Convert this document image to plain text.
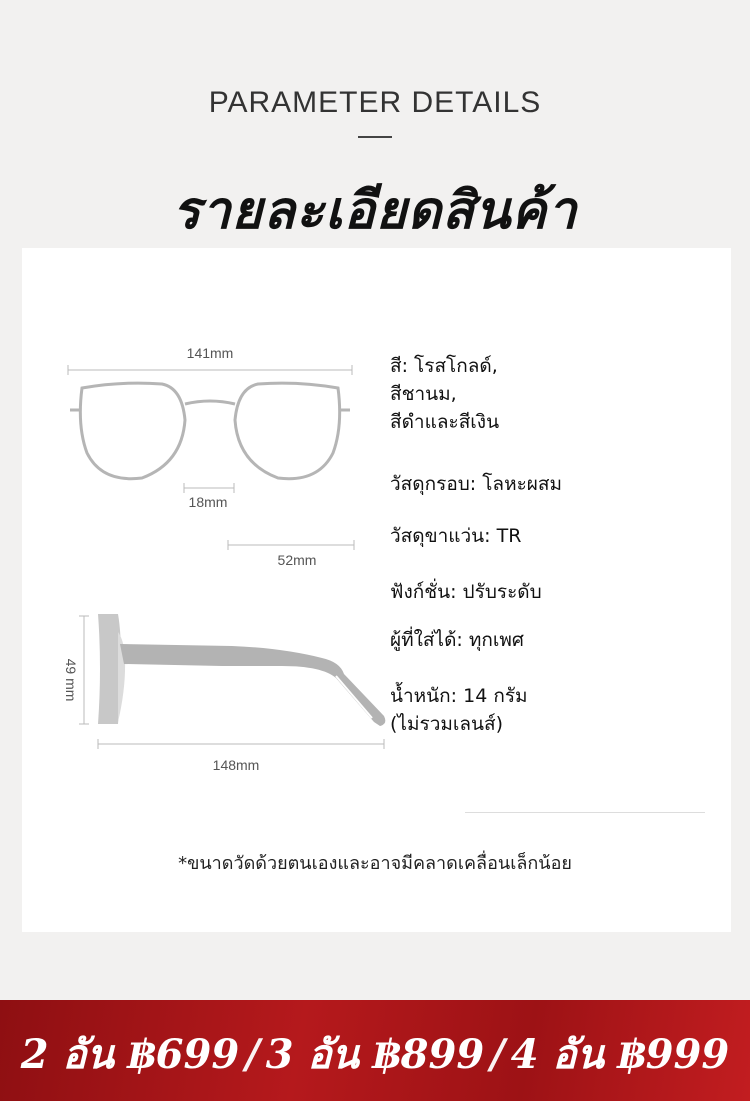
PARAMETER DETAILS
รายละเอียดสินค้า
141mm
18mm
52mm
49 mm
148mm
สี: โรสโกลด์,
สีชานม,
สีดำและสีเงิน
วัสดุกรอบ: โลหะผสม
วัสดุขาแว่น: TR
ฟังก์ชั่น: ปรับระดับ
ผู้ที่ใส่ได้: ทุกเพศ
น้ำหนัก: 14 กรัม
(ไม่รวมเลนส์)
*ขนาดวัดด้วยตนเองและอาจมีคลาดเคลื่อนเล็กน้อย
2 อัน ฿699 / 3 อัน ฿899 / 4 อัน ฿999
